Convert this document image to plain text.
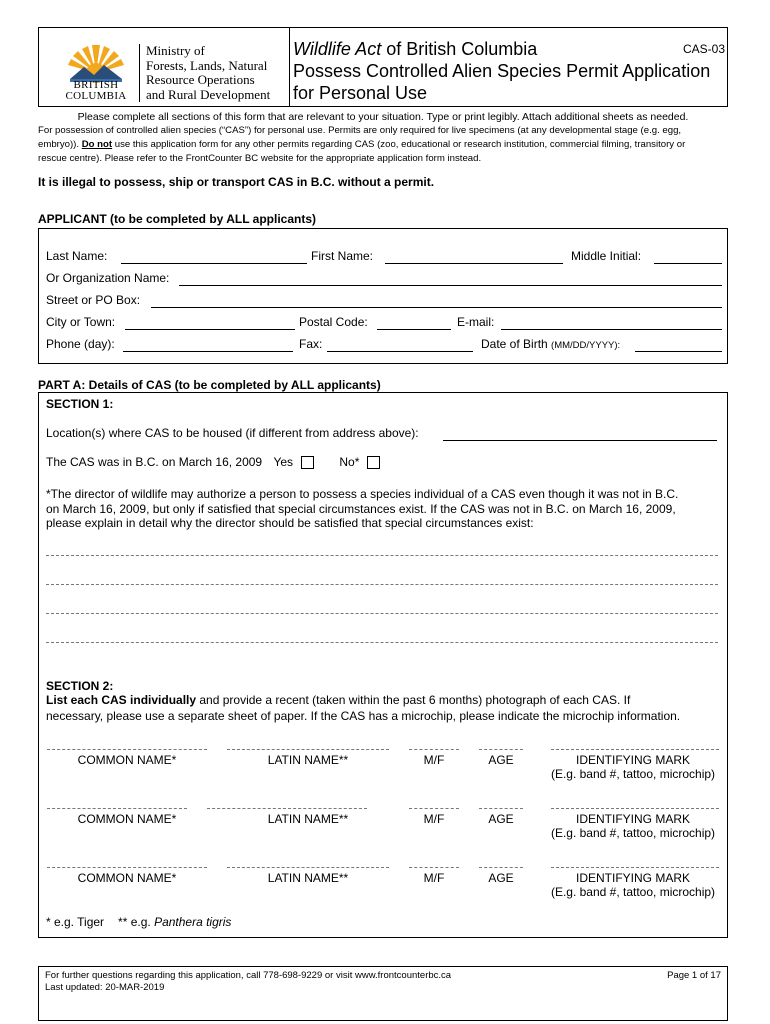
BRITISH
COLUMBIA
Ministry of
Forests, Lands, Natural
Resource Operations
and Rural Development
Wildlife Act of British Columbia
Possess Controlled Alien Species Permit Application
for Personal Use
CAS-03
Please complete all sections of this form that are relevant to your situation. Type or print legibly. Attach additional sheets as needed.
For possession of controlled alien species (“CAS”) for personal use. Permits are only required for live specimens (at any developmental stage (e.g. egg,
embryo)). Do not use this application form for any other permits regarding CAS (zoo, educational or research institution, commercial filming, transitory or
rescue centre). Please refer to the FrontCounter BC website for the appropriate application form instead.
It is illegal to possess, ship or transport CAS in B.C. without a permit.
APPLICANT (to be completed by ALL applicants)
Last Name:	First Name:	Middle Initial:
Or Organization Name:
Street or PO Box:
City or Town:	Postal Code:	E-mail:
Phone (day):	Fax:	Date of Birth (MM/DD/YYYY):
PART A: Details of CAS (to be completed by ALL applicants)
SECTION 1:
Location(s) where CAS to be housed (if different from address above):
The CAS was in B.C. on March 16, 2009 Yes	No*
*The director of wildlife may authorize a person to possess a species individual of a CAS even though it was not in B.C.
on March 16, 2009, but only if satisfied that special circumstances exist. If the CAS was not in B.C. on March 16, 2009,
please explain in detail why the director should be satisfied that special circumstances exist:
SECTION 2:
List each CAS individually and provide a recent (taken within the past 6 months) photograph of each CAS. If
necessary, please use a separate sheet of paper. If the CAS has a microchip, please indicate the microchip information.
COMMON NAME*	LATIN NAME**	M/F	AGE	IDENTIFYING MARK
(E.g. band #, tattoo, microchip)
COMMON NAME*	LATIN NAME**	M/F	AGE	IDENTIFYING MARK
(E.g. band #, tattoo, microchip)
COMMON NAME*	LATIN NAME**	M/F	AGE	IDENTIFYING MARK
(E.g. band #, tattoo, microchip)
* e.g. Tiger ** e.g. Panthera tigris
For further questions regarding this application, call 778-698-9229 or visit www.frontcounterbc.ca
Last updated: 20-MAR-2019
Page 1 of 17
